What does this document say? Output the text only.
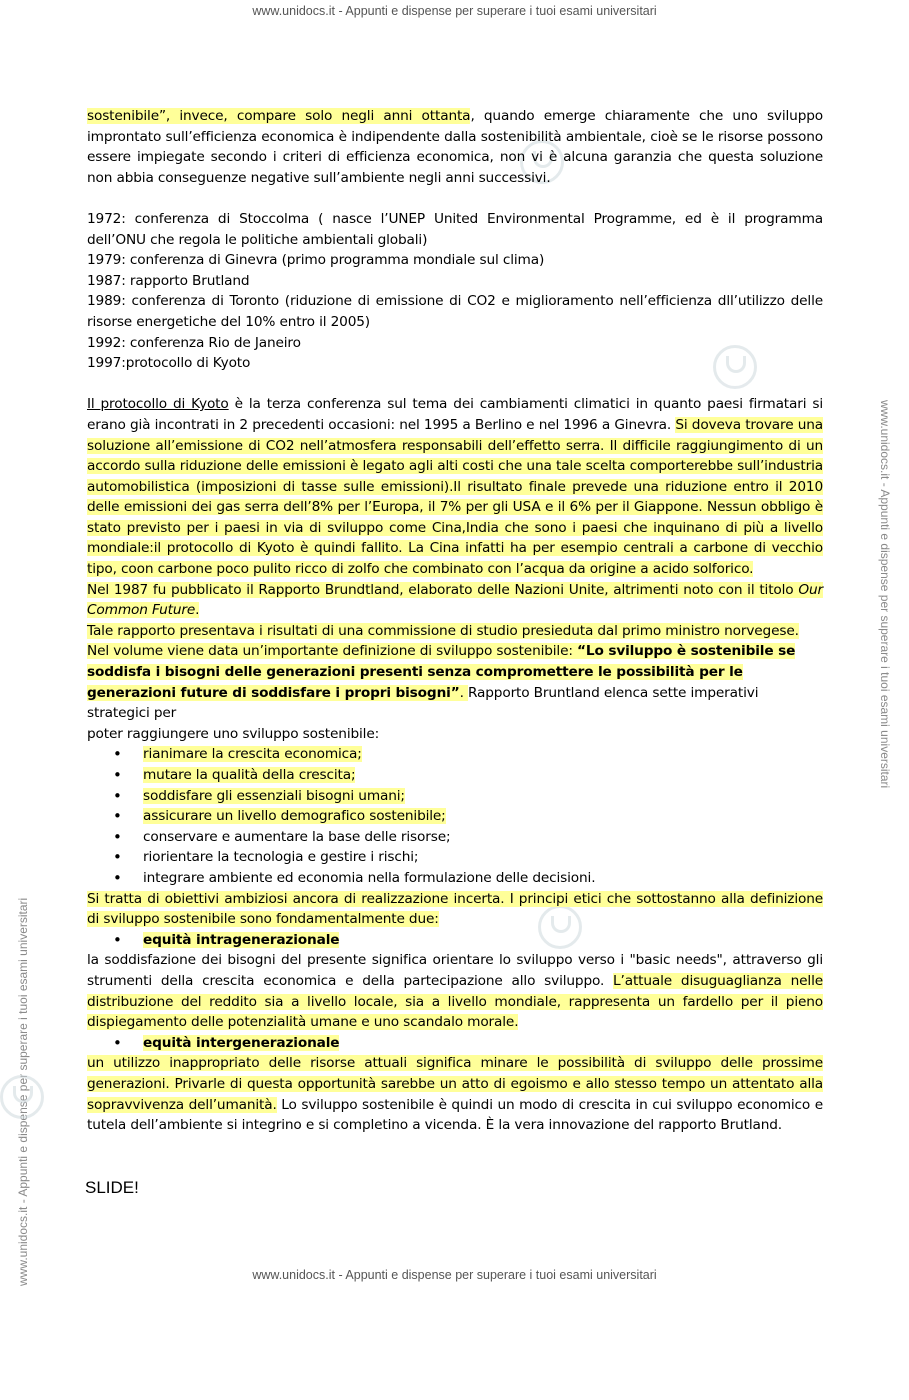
www.unidocs.it - Appunti e dispense per superare i tuoi esami universitari
www.unidocs.it - Appunti e dispense per superare i tuoi esami universitari
www.unidocs.it - Appunti e dispense per superare i tuoi esami universitari

sostenibile”, invece, compare solo negli anni ottanta, quando emerge chiaramente che uno sviluppo improntato sull’efficienza economica è indipendente dalla sostenibilità ambientale, cioè se le risorse possono essere impiegate secondo i criteri di efficienza economica, non vi è alcuna garanzia che questa soluzione non abbia conseguenze negative sull’ambiente negli anni successivi.

1972: conferenza di Stoccolma ( nasce l’UNEP United Environmental Programme, ed è il programma dell’ONU che regola le politiche ambientali globali)

1979: conferenza di Ginevra (primo programma mondiale sul clima)

1987: rapporto Brutland

1989: conferenza di Toronto (riduzione di emissione di CO2 e miglioramento nell’efficienza dll’utilizzo delle risorse energetiche del 10% entro il 2005)

1992: conferenza Rio de Janeiro

1997:protocollo di Kyoto

Il protocollo di Kyoto è la terza conferenza sul tema dei cambiamenti climatici in quanto paesi firmatari si erano già incontrati in 2 precedenti occasioni: nel 1995 a Berlino e nel 1996 a Ginevra. Si doveva trovare una soluzione all’emissione di CO2 nell’atmosfera responsabili dell’effetto serra. Il difficile raggiungimento di un accordo sulla riduzione delle emissioni è legato agli alti costi che una tale scelta comporterebbe sull’industria automobilistica (imposizioni di tasse sulle emissioni).Il risultato finale prevede una riduzione entro il 2010 delle emissioni dei gas serra dell’8% per l’Europa, il 7% per gli USA e il 6% per il Giappone. Nessun obbligo è stato previsto per i paesi in via di sviluppo come Cina,India che sono i paesi che inquinano di più a livello mondiale:il protocollo di Kyoto è quindi fallito. La Cina infatti ha per esempio centrali a carbone di vecchio tipo, coon carbone poco pulito ricco di zolfo che combinato con l’acqua da origine a acido solforico.

Nel 1987 fu pubblicato il Rapporto Brundtland, elaborato delle Nazioni Unite, altrimenti noto con il titolo Our Common Future.

Tale rapporto presentava i risultati di una commissione di studio presieduta dal primo ministro norvegese.

Nel volume viene data un’importante definizione di sviluppo sostenibile: “Lo sviluppo è sostenibile se soddisfa i bisogni delle generazioni presenti senza compromettere le possibilità per le generazioni future di soddisfare i propri bisogni”. Rapporto Bruntland elenca sette imperativi strategici per

poter raggiungere uno sviluppo sostenibile:

• rianimare la crescita economica;
• mutare la qualità della crescita;
• soddisfare gli essenziali bisogni umani;
• assicurare un livello demografico sostenibile;
• conservare e aumentare la base delle risorse;
• riorientare la tecnologia e gestire i rischi;
• integrare ambiente ed economia nella formulazione delle decisioni.

Si tratta di obiettivi ambiziosi ancora di realizzazione incerta. I principi etici che sottostanno alla definizione di sviluppo sostenibile sono fondamentalmente due:

• equità intragenerazionale

la soddisfazione dei bisogni del presente significa orientare lo sviluppo verso i "basic needs", attraverso gli strumenti della crescita economica e della partecipazione allo sviluppo. L’attuale disuguaglianza nelle distribuzione del reddito sia a livello locale, sia a livello mondiale, rappresenta un fardello per il pieno dispiegamento delle potenzialità umane e uno scandalo morale.

• equità intergenerazionale

un utilizzo inappropriato delle risorse attuali significa minare le possibilità di sviluppo delle prossime generazioni. Privarle di questa opportunità sarebbe un atto di egoismo e allo stesso tempo un attentato alla sopravvivenza dell’umanità. Lo sviluppo sostenibile è quindi un modo di crescita in cui sviluppo economico e tutela dell’ambiente si integrino e si completino a vicenda. È la vera innovazione del rapporto Brutland.

SLIDE!
www.unidocs.it - Appunti e dispense per superare i tuoi esami universitari
